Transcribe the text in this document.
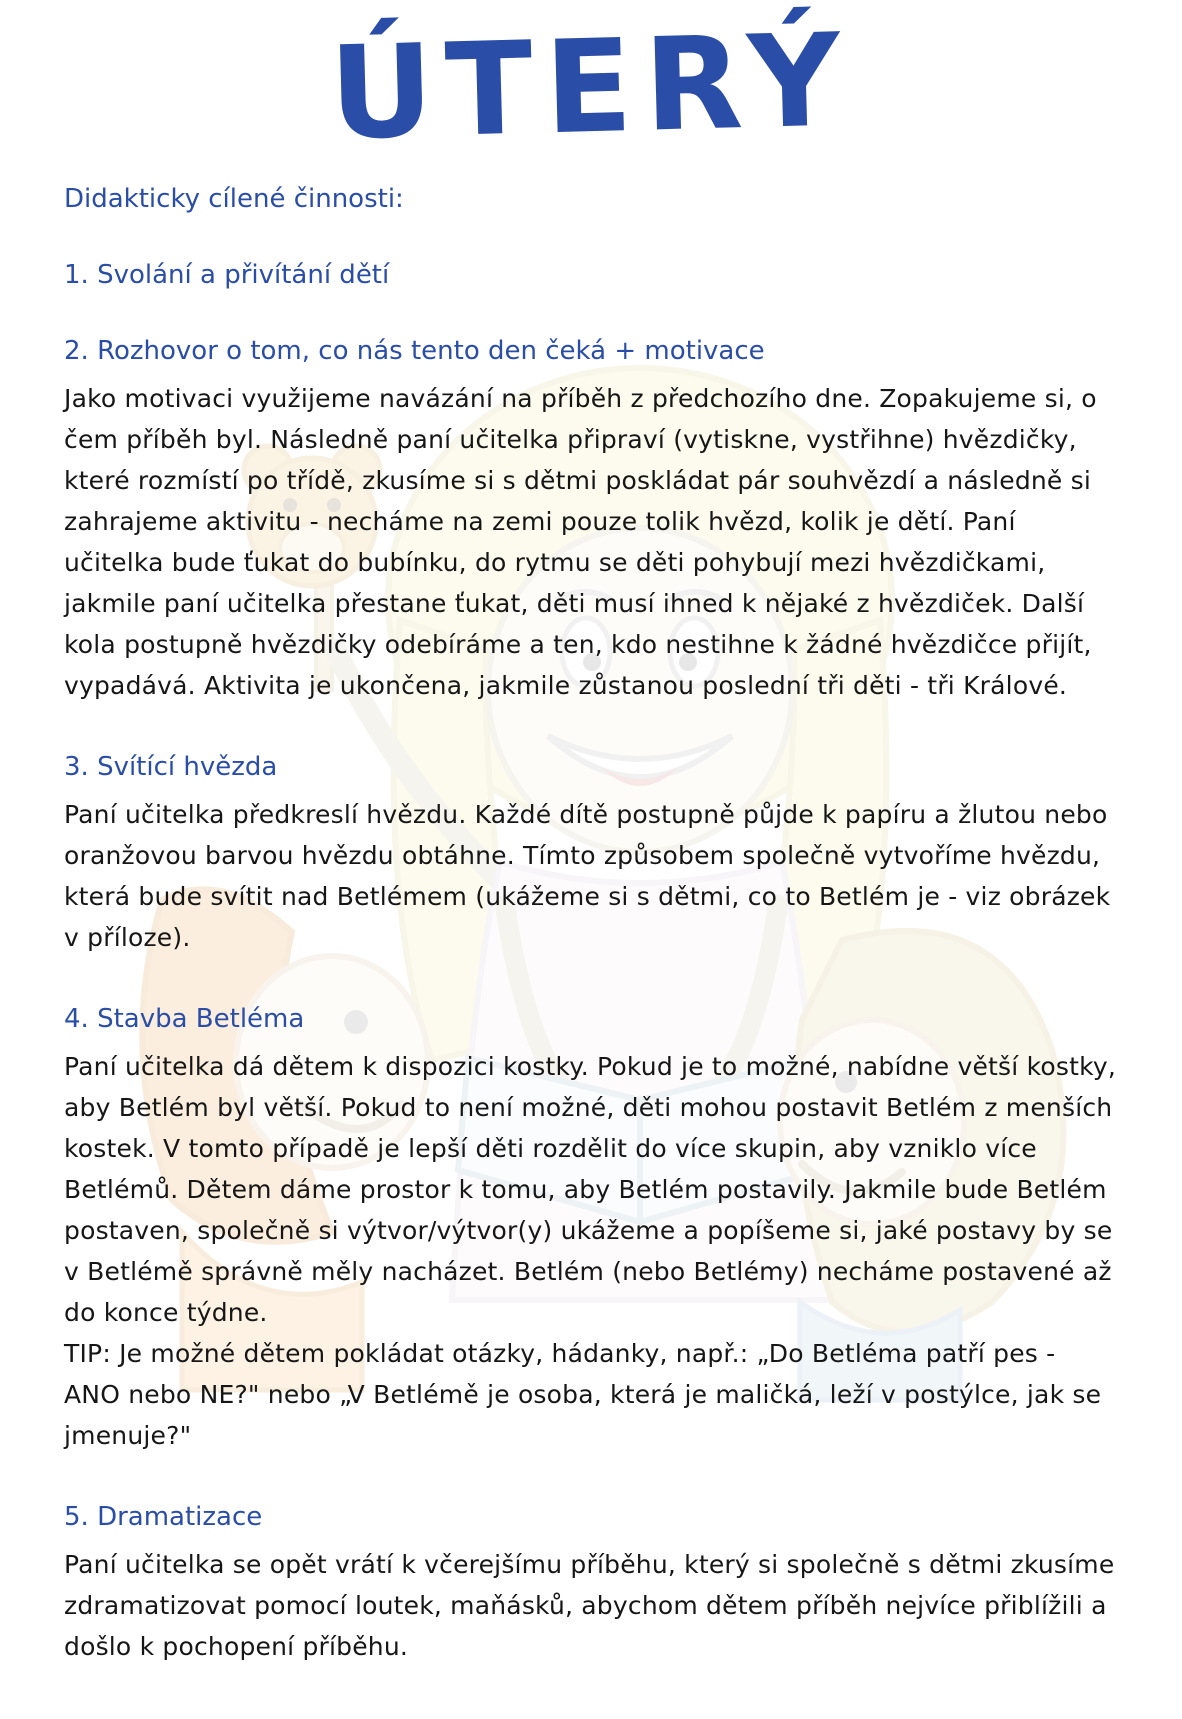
ÚTERÝ

Didakticky cílené činnosti:

1. Svolání a přivítání dětí
2. Rozhovor o tom, co nás tento den čeká + motivace

Jako motivaci využijeme navázání na příběh z předchozího dne. Zopakujeme si, o čem příběh byl. Následně paní učitelka připraví (vytiskne, vystřihne) hvězdičky, které rozmístí po třídě, zkusíme si s dětmi poskládat pár souhvězdí a následně si zahrajeme aktivitu - necháme na zemi pouze tolik hvězd, kolik je dětí. Paní učitelka bude ťukat do bubínku, do rytmu se děti pohybují mezi hvězdičkami, jakmile paní učitelka přestane ťukat, děti musí ihned k nějaké z hvězdiček. Další kola postupně hvězdičky odebíráme a ten, kdo nestihne k žádné hvězdičce přijít, vypadává. Aktivita je ukončena, jakmile zůstanou poslední tři děti - tři Králové.

3. Svítící hvězda

Paní učitelka předkreslí hvězdu. Každé dítě postupně půjde k papíru a žlutou nebo oranžovou barvou hvězdu obtáhne. Tímto způsobem společně vytvoříme hvězdu, která bude svítit nad Betlémem (ukážeme si s dětmi, co to Betlém je - viz obrázek v příloze).

4. Stavba Betléma

Paní učitelka dá dětem k dispozici kostky. Pokud je to možné, nabídne větší kostky, aby Betlém byl větší. Pokud to není možné, děti mohou postavit Betlém z menších kostek. V tomto případě je lepší děti rozdělit do více skupin, aby vzniklo více Betlémů. Dětem dáme prostor k tomu, aby Betlém postavily. Jakmile bude Betlém postaven, společně si výtvor/výtvor(y) ukážeme a popíšeme si, jaké postavy by se v Betlémě správně měly nacházet. Betlém (nebo Betlémy) necháme postavené až do konce týdne.

TIP: Je možné dětem pokládat otázky, hádanky, např.: „Do Betléma patří pes - ANO nebo NE?" nebo „V Betlémě je osoba, která je maličká, leží v postýlce, jak se jmenuje?"

5. Dramatizace

Paní učitelka se opět vrátí k včerejšímu příběhu, který si společně s dětmi zkusíme zdramatizovat pomocí loutek, maňásků, abychom dětem příběh nejvíce přiblížili a došlo k pochopení příběhu.
